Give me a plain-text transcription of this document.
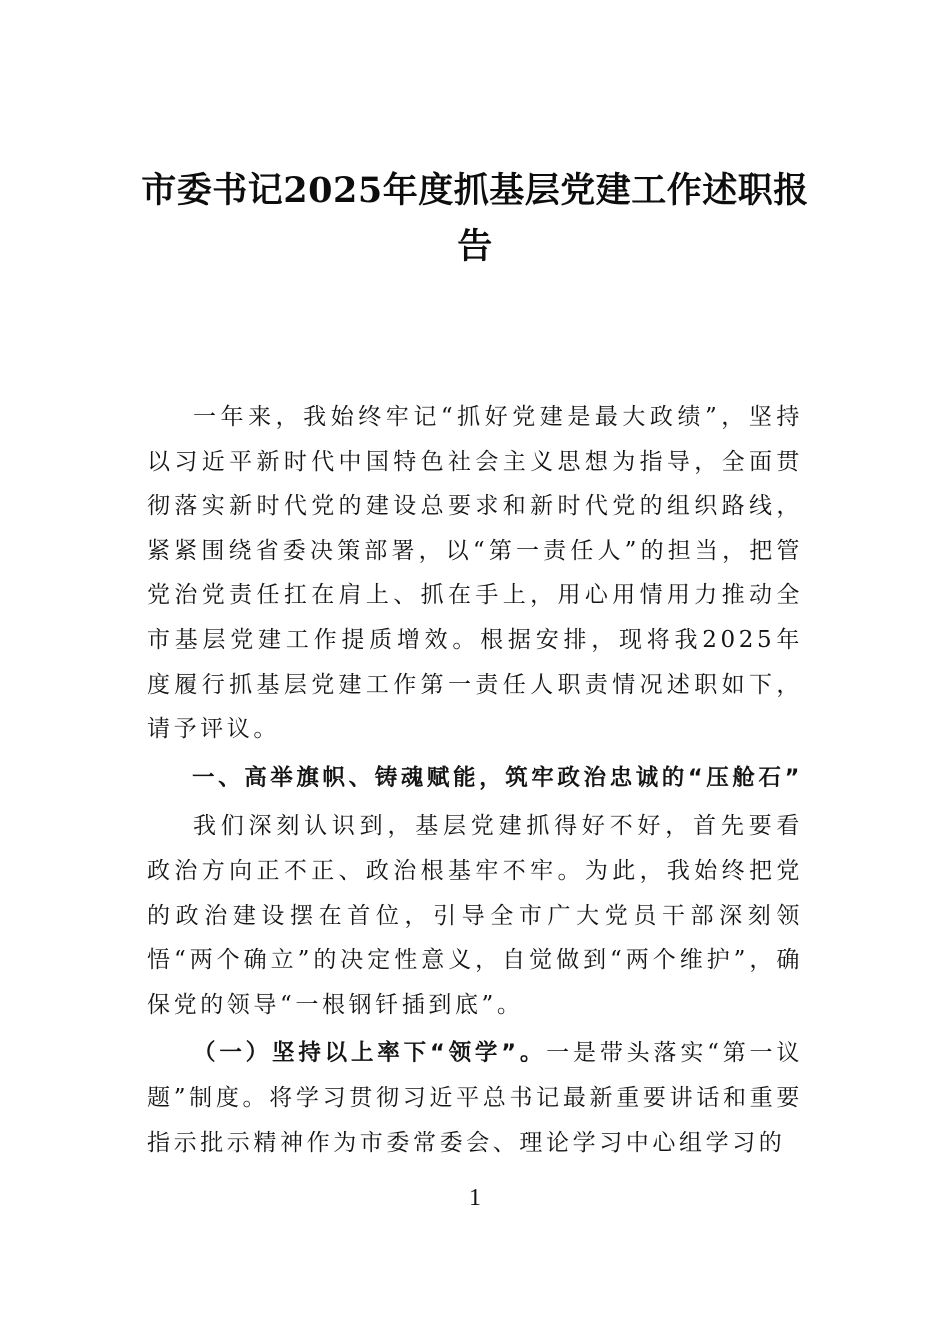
市委书记2025年度抓基层党建工作述职报
告

一年来，我始终牢记“抓好党建是最大政绩”，坚持以习近平新时代中国特色社会主义思想为指导，全面贯彻落实新时代党的建设总要求和新时代党的组织路线，紧紧围绕省委决策部署，以“第一责任人”的担当，把管党治党责任扛在肩上、抓在手上，用心用情用力推动全市基层党建工作提质增效。根据安排，现将我2025年度履行抓基层党建工作第一责任人职责情况述职如下，请予评议。

一、高举旗帜、铸魂赋能，筑牢政治忠诚的“压舱石”

我们深刻认识到，基层党建抓得好不好，首先要看政治方向正不正、政治根基牢不牢。为此，我始终把党的政治建设摆在首位，引导全市广大党员干部深刻领悟“两个确立”的决定性意义，自觉做到“两个维护”，确保党的领导“一根钢钎插到底”。

（一）坚持以上率下“领学”。一是带头落实“第一议题”制度。将学习贯彻习近平总书记最新重要讲话和重要指示批示精神作为市委常委会、理论学习中心组学习的

1
